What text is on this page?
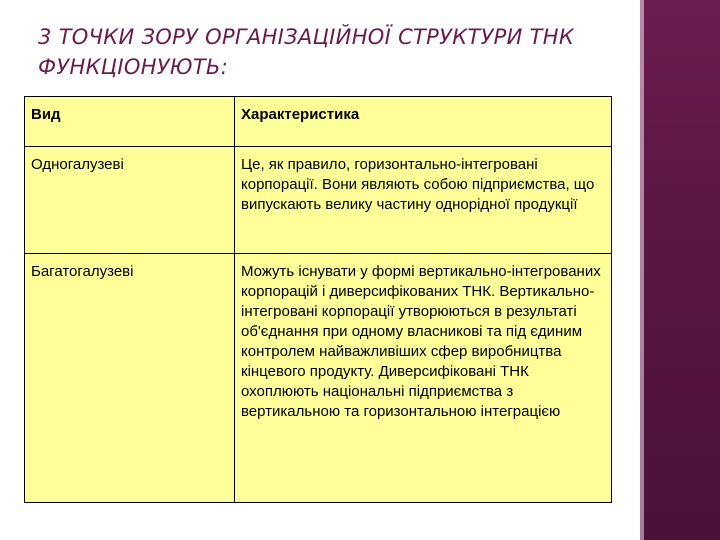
3 ТОЧКИ ЗОРУ ОРГАНІЗАЦІЙНОЇ СТРУКТУРИ ТНК ФУНКЦІОНУЮТЬ:
Вид	Характеристика
Одногалузеві	Це, як правило, горизонтально-інтегровані корпорації. Вони являють собою підприємства, що випускають велику частину однорідної продукції
Багатогалузеві	Можуть існувати у формі вертикально-інтегрованих корпорацій і диверсифікованих ТНК. Вертикально-інтегровані корпорації утворюються в результаті об'єднання при одному власникові та під єдиним контролем найважливіших сфер виробництва кінцевого продукту. Диверсифіковані ТНК охоплюють національні підприємства з вертикальною та горизонтальною інтеграцією
